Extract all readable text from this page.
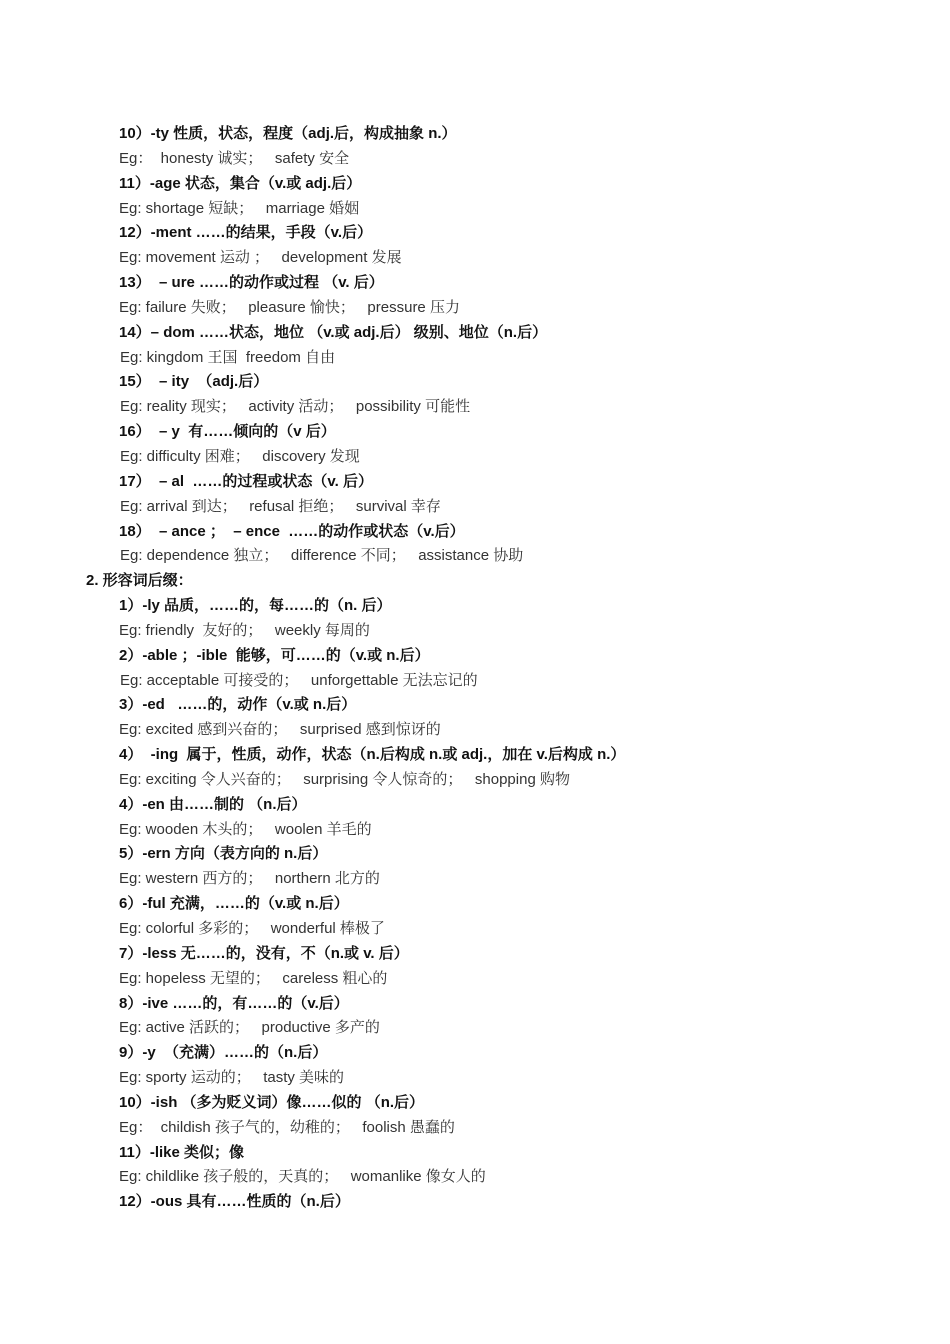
10）-ty 性质，状态，程度（adj.后，构成抽象 n.）
Eg：  honesty 诚实；   safety 安全
11）-age 状态，集合（v.或 adj.后）
Eg: shortage 短缺；   marriage 婚姻
12）-ment ……的结果，手段（v.后）
Eg: movement 运动 ；   development 发展
13）  – ure ……的动作或过程 （v. 后）
Eg: failure 失败；   pleasure 愉快；   pressure 压力
14）– dom ……状态，地位 （v.或 adj.后） 级别、地位（n.后）
Eg: kingdom 王国  freedom 自由
15）  – ity  （adj.后）
Eg: reality 现实；   activity 活动；   possibility 可能性
16）  – y  有……倾向的（v 后）
Eg: difficulty 困难；   discovery 发现
17）  – al  ……的过程或状态（v. 后）
Eg: arrival 到达；   refusal 拒绝；   survival 幸存
18）  – ance ；  – ence  ……的动作或状态（v.后）
Eg: dependence 独立；   difference 不同；   assistance 协助
2. 形容词后缀：
1）-ly 品质，……的，每……的（n. 后）
Eg: friendly  友好的；   weekly 每周的
2）-able ；-ible  能够，可……的（v.或 n.后）
Eg: acceptable 可接受的；   unforgettable 无法忘记的
3）-ed   ……的，动作（v.或 n.后）
Eg: excited 感到兴奋的；   surprised 感到惊讶的
4）  -ing  属于，性质，动作，状态（n.后构成 n.或 adj.，加在 v.后构成 n.）
Eg: exciting 令人兴奋的；   surprising 令人惊奇的；   shopping 购物
4）-en 由……制的 （n.后）
Eg: wooden 木头的；   woolen 羊毛的
5）-ern 方向（表方向的 n.后）
Eg: western 西方的；   northern 北方的
6）-ful 充满，……的（v.或 n.后）
Eg: colorful 多彩的；   wonderful 棒极了
7）-less 无……的，没有，不（n.或 v. 后）
Eg: hopeless 无望的；   careless 粗心的
8）-ive ……的，有……的（v.后）
Eg: active 活跃的；   productive 多产的
9）-y  （充满）……的（n.后）
Eg: sporty 运动的；   tasty 美味的
10）-ish （多为贬义词）像……似的 （n.后）
Eg：  childish 孩子气的，幼稚的；   foolish 愚蠢的
11）-like 类似；像
Eg: childlike 孩子般的，天真的；   womanlike 像女人的
12）-ous 具有……性质的（n.后）
